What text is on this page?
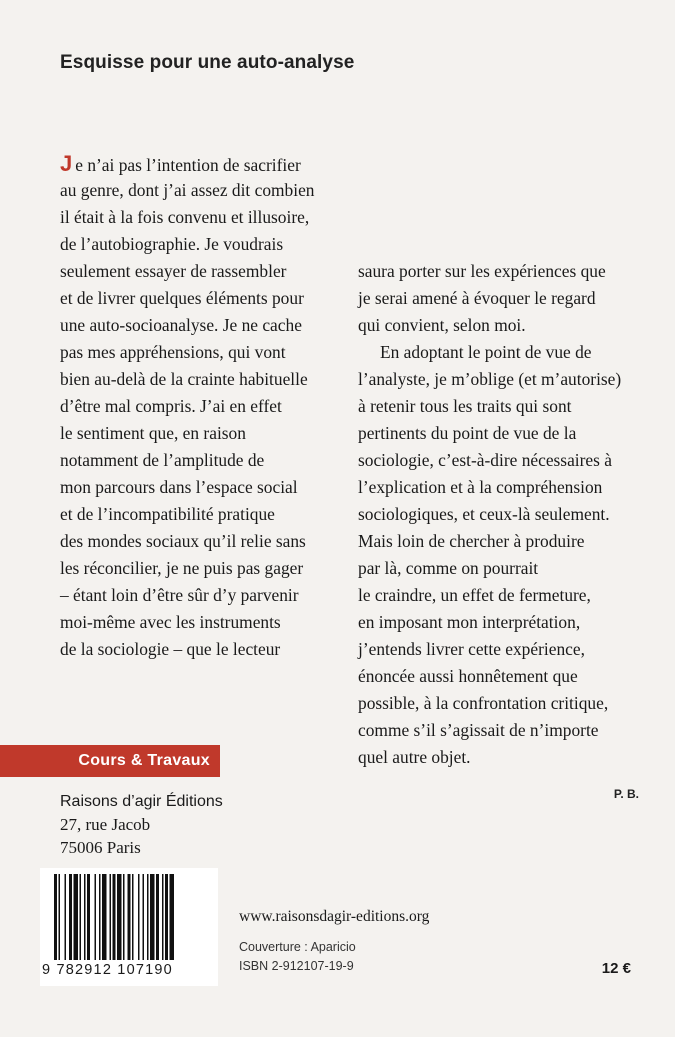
Esquisse pour une auto-analyse
J e n’ai pas l’intention de sacrifier
au genre, dont j’ai assez dit combien
il était à la fois convenu et illusoire,
de l’autobiographie. Je voudrais
seulement essayer de rassembler
et de livrer quelques éléments pour
une auto-socioanalyse. Je ne cache
pas mes appréhensions, qui vont
bien au-delà de la crainte habituelle
d’être mal compris. J’ai en effet
le sentiment que, en raison
notamment de l’amplitude de
mon parcours dans l’espace social
et de l’incompatibilité pratique
des mondes sociaux qu’il relie sans
les réconcilier, je ne puis pas gager
– étant loin d’être sûr d’y parvenir
moi-même avec les instruments
de la sociologie – que le lecteur
saura porter sur les expériences que
je serai amené à évoquer le regard
qui convient, selon moi.
En adoptant le point de vue de
l’analyste, je m’oblige (et m’autorise)
à retenir tous les traits qui sont
pertinents du point de vue de la
sociologie, c’est-à-dire nécessaires à
l’explication et à la compréhension
sociologiques, et ceux-là seulement.
Mais loin de chercher à produire
par là, comme on pourrait
le craindre, un effet de fermeture,
en imposant mon interprétation,
j’entends livrer cette expérience,
énoncée aussi honnêtement que
possible, à la confrontation critique,
comme s’il s’agissait de n’importe
quel autre objet.
P. B.
Cours & Travaux
Raisons d’agir Éditions
27, rue Jacob
75006 Paris
9 782912 107190
www.raisonsdagir-editions.org
Couverture : Aparicio
ISBN 2-912107-19-9	12 €
